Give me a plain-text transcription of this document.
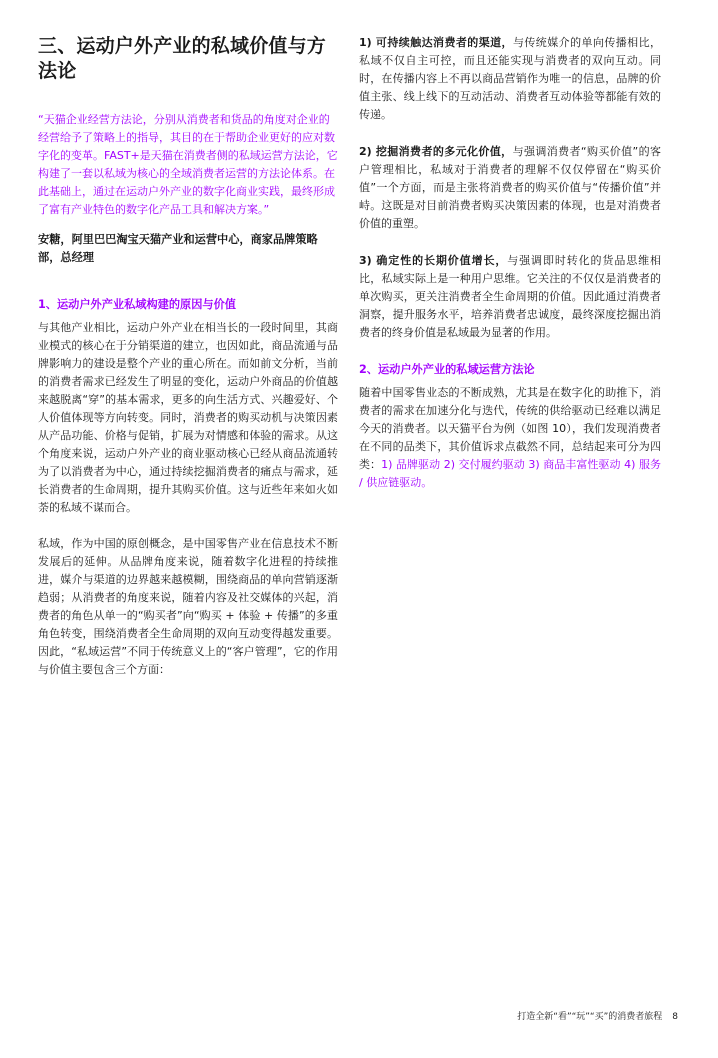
三、运动户外产业的私域价值与方法论

“天猫企业经营方法论，分别从消费者和货品的角度对企业的经营给予了策略上的指导，其目的在于帮助企业更好的应对数字化的变革。FAST+是天猫在消费者侧的私域运营方法论，它构建了一套以私域为核心的全域消费者运营的方法论体系。在此基础上，通过在运动户外产业的数字化商业实践，最终形成了富有产业特色的数字化产品工具和解决方案。”

安糖，阿里巴巴淘宝天猫产业和运营中心，商家品牌策略部，总经理

1、运动户外产业私域构建的原因与价值

与其他产业相比，运动户外产业在相当长的一段时间里，其商业模式的核心在于分销渠道的建立，也因如此，商品流通与品牌影响力的建设是整个产业的重心所在。而如前文分析，当前的消费者需求已经发生了明显的变化，运动户外商品的价值越来越脱离“穿”的基本需求，更多的向生活方式、兴趣爱好、个人价值体现等方向转变。同时，消费者的购买动机与决策因素从产品功能、价格与促销，扩展为对情感和体验的需求。从这个角度来说，运动户外产业的商业驱动核心已经从商品流通转为了以消费者为中心，通过持续挖掘消费者的痛点与需求，延长消费者的生命周期，提升其购买价值。这与近些年来如火如荼的私域不谋而合。

私域，作为中国的原创概念，是中国零售产业在信息技术不断发展后的延伸。从品牌角度来说，随着数字化进程的持续推进，媒介与渠道的边界越来越模糊，围绕商品的单向营销逐渐趋弱；从消费者的角度来说，随着内容及社交媒体的兴起，消费者的角色从单一的“购买者”向“购买 + 体验 + 传播”的多重角色转变，围绕消费者全生命周期的双向互动变得越发重要。因此，“私域运营”不同于传统意义上的“客户管理”，它的作用与价值主要包含三个方面：

1) 可持续触达消费者的渠道，与传统媒介的单向传播相比，私域不仅自主可控，而且还能实现与消费者的双向互动。同时，在传播内容上不再以商品营销作为唯一的信息，品牌的价值主张、线上线下的互动活动、消费者互动体验等都能有效的传递。

2) 挖掘消费者的多元化价值，与强调消费者“购买价值”的客户管理相比，私域对于消费者的理解不仅仅停留在“购买价值”一个方面，而是主张将消费者的购买价值与“传播价值”并峙。这既是对目前消费者购买决策因素的体现，也是对消费者价值的重塑。

3) 确定性的长期价值增长，与强调即时转化的货品思维相比，私域实际上是一种用户思维。它关注的不仅仅是消费者的单次购买，更关注消费者全生命周期的价值。因此通过消费者洞察，提升服务水平，培养消费者忠诚度，最终深度挖掘出消费者的终身价值是私域最为显著的作用。

2、运动户外产业的私域运营方法论

随着中国零售业态的不断成熟，尤其是在数字化的助推下，消费者的需求在加速分化与迭代，传统的供给驱动已经难以满足今天的消费者。以天猫平台为例（如图 10），我们发现消费者在不同的品类下，其价值诉求点截然不同，总结起来可分为四类：1) 品牌驱动 2) 交付履约驱动 3) 商品丰富性驱动 4) 服务 / 供应链驱动。

打造全新“看”“玩”“买”的消费者旅程 8
